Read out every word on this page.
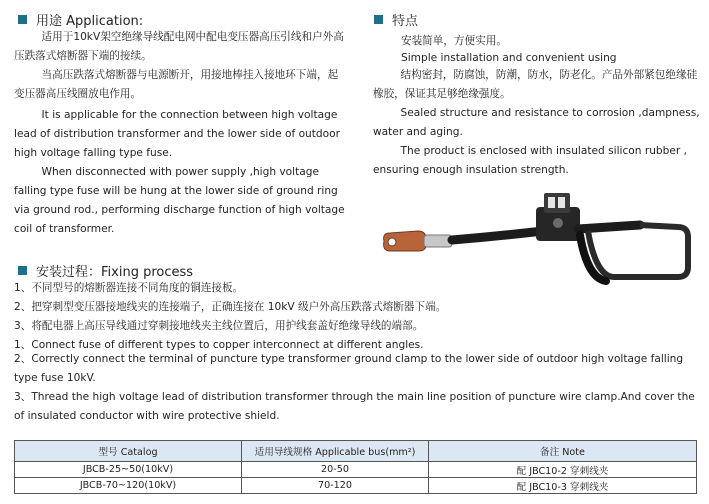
用途 Application:

适用于10kV架空绝缘导线配电网中配电变压器高压引线和户外高压跌落式熔断器下端的接续。

当高压跌落式熔断器与电源断开，用接地棒挂入接地环下端，起变压器高压线圈放电作用。

It is applicable for the connection between high voltage lead of distribution transformer and the lower side of outdoor high voltage falling type fuse.

When disconnected with power supply ,high voltage falling type fuse will be hung at the lower side of ground ring via ground rod., performing discharge function of high voltage coil of transformer.

特点
安装简单，方便实用。
Simple installation and convenient using

结构密封，防腐蚀，防潮，防水，防老化。产品外部紧包绝缘硅橡胶，保证其足够绝缘强度。

Sealed structure and resistance to corrosion ,dampness, water and aging.

The product is enclosed with insulated silicon rubber , ensuring enough insulation strength.

安装过程：Fixing process
1、不同型号的熔断器连接不同角度的铜连接板。
2、把穿刺型变压器接地线夹的连接端子，正确连接在 10kV 级户外高压跌落式熔断器下端。
3、将配电器上高压导线通过穿刺接地线夹主线位置后，用护线套盖好绝缘导线的端部。
1、Connect fuse of different types to copper interconnect at different angles.

2、Correctly connect the terminal of puncture type transformer ground clamp to the lower side of outdoor high voltage falling type fuse 10kV.

3、Thread the high voltage lead of distribution transformer through the main line position of puncture wire clamp.And cover the of insulated conductor with wire protective shield.

型号 Catalog	适用导线规格 Applicable bus(mm²)	备注 Note
JBCB-25~50(10kV)	20-50	配 JBC10-2 穿刺线夹
JBCB-70~120(10kV)	70-120	配 JBC10-3 穿刺线夹
